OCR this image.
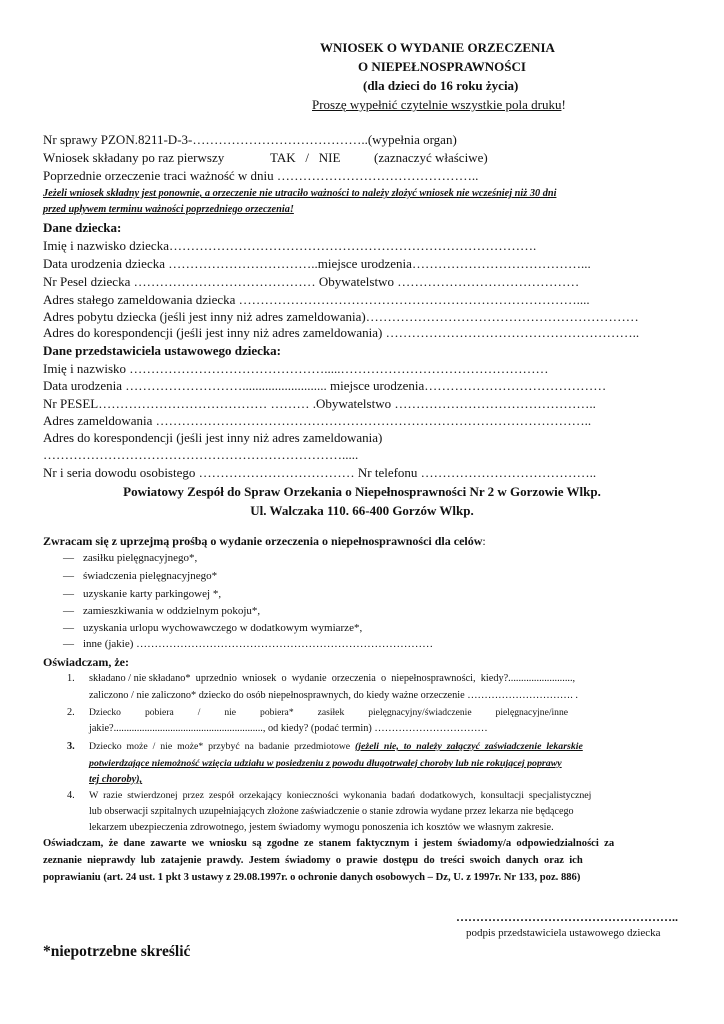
WNIOSEK O WYDANIE ORZECZENIA
O NIEPEŁNOSPRAWNOŚCI
(dla dzieci do 16 roku życia)
Proszę wypełnić czytelnie wszystkie pola druku!
Nr sprawy PZON.8211-D-3-…………………………………..(wypełnia organ)
Wniosek składany po raz pierwszy	TAK   /   NIE	(zaznaczyć właściwe)
Poprzednie orzeczenie traci ważność w dniu ………………………………………..
Jeżeli wniosek składny jest ponownie, a orzeczenie nie utraciło ważności to należy złożyć wniosek nie wcześniej niż 30 dni
przed upływem terminu ważności poprzedniego orzeczenia!
Dane dziecka:
Imię i nazwisko dziecka………………………………………………………………………….
Data urodzenia dziecka ……………………………..miejsce urodzenia…………………………………...
Nr Pesel dziecka …………………………………… Obywatelstwo ……………………………………
Adres stałego zameldowania dziecka ……………………………………………………………………....
Adres pobytu dziecka (jeśli jest inny niż adres zameldowania)………………………………………………………
Adres do korespondencji (jeśli jest inny niż adres zameldowania) …………………………………………………..
Dane przedstawiciela ustawowego dziecka:
Imię i nazwisko ……………………………………….....…………………………………………
Data urodzenia ……………………….......................... miejsce urodzenia……………………………………
Nr PESEL………………………………… ……… .Obywatelstwo ………………………………………..
Adres zameldowania ………………………………………………………………………………………..
Adres do korespondencji (jeśli jest inny niż adres zameldowania)
…………………………………………………………….....
Nr i seria dowodu osobistego ……………………………… Nr telefonu …………………………………..
Powiatowy Zespół do Spraw Orzekania o Niepełnosprawności Nr 2 w Gorzowie Wlkp.
Ul. Walczaka 110. 66-400 Gorzów Wlkp.
Zwracam się z uprzejmą prośbą o wydanie orzeczenia o niepełnosprawności dla celów:
— zasiłku pielęgnacyjnego*,
— świadczenia pielęgnacyjnego*
— uzyskanie karty parkingowej *,
— zamieszkiwania w oddzielnym pokoju*,
— uzyskania urlopu wychowawczego w dodatkowym wymiarze*,
— inne (jakie) ………………………………………………………………………
Oświadczam, że:
1. składano / nie składano*  uprzednio  wniosek  o  wydanie  orzeczenia  o  niepełnosprawności,  kiedy?.........................,
zaliczono / nie zaliczono* dziecko do osób niepełnosprawnych, do kiedy ważne orzeczenie …………………………. .
2. Dziecko          pobiera          /          nie          pobiera*          zasiłek          pielęgnacyjny/świadczenie          pielęgnacyjne/inne
jakie?.........................................................., od kiedy? (podać termin) ……………………………
3. Dziecko  może  /  nie  może*  przybyć  na  badanie  przedmiotowe  (jeżeli  nie,  to  należy  załączyć  zaświadczenie  lekarskie
potwierdzające niemożność wzięcia udziału w posiedzeniu z powodu długotrwałej choroby lub nie rokującej poprawy
tej choroby),
4. W  razie  stwierdzonej  przez  zespół  orzekający  konieczności  wykonania  badań  dodatkowych,  konsultacji  specjalistycznej
lub obserwacji szpitalnych uzupełniających złożone zaświadczenie o stanie zdrowia wydane przez lekarza nie będącego
lekarzem ubezpieczenia zdrowotnego, jestem świadomy wymogu ponoszenia ich kosztów we własnym zakresie.
Oświadczam,  że  dane  zawarte  we  wniosku  są  zgodne  ze  stanem  faktycznym  i  jestem  świadomy/a  odpowiedzialności  za
zeznanie  nieprawdy  lub  zatajenie  prawdy.  Jestem  świadomy  o  prawie  dostępu  do  treści  swoich  danych  oraz  ich
poprawianiu (art. 24 ust. 1 pkt 3 ustawy z 29.08.1997r. o ochronie danych osobowych – Dz, U. z 1997r. Nr 133, poz. 886)
………………………………………………..
podpis przedstawiciela ustawowego dziecka
*niepotrzebne skreślić
